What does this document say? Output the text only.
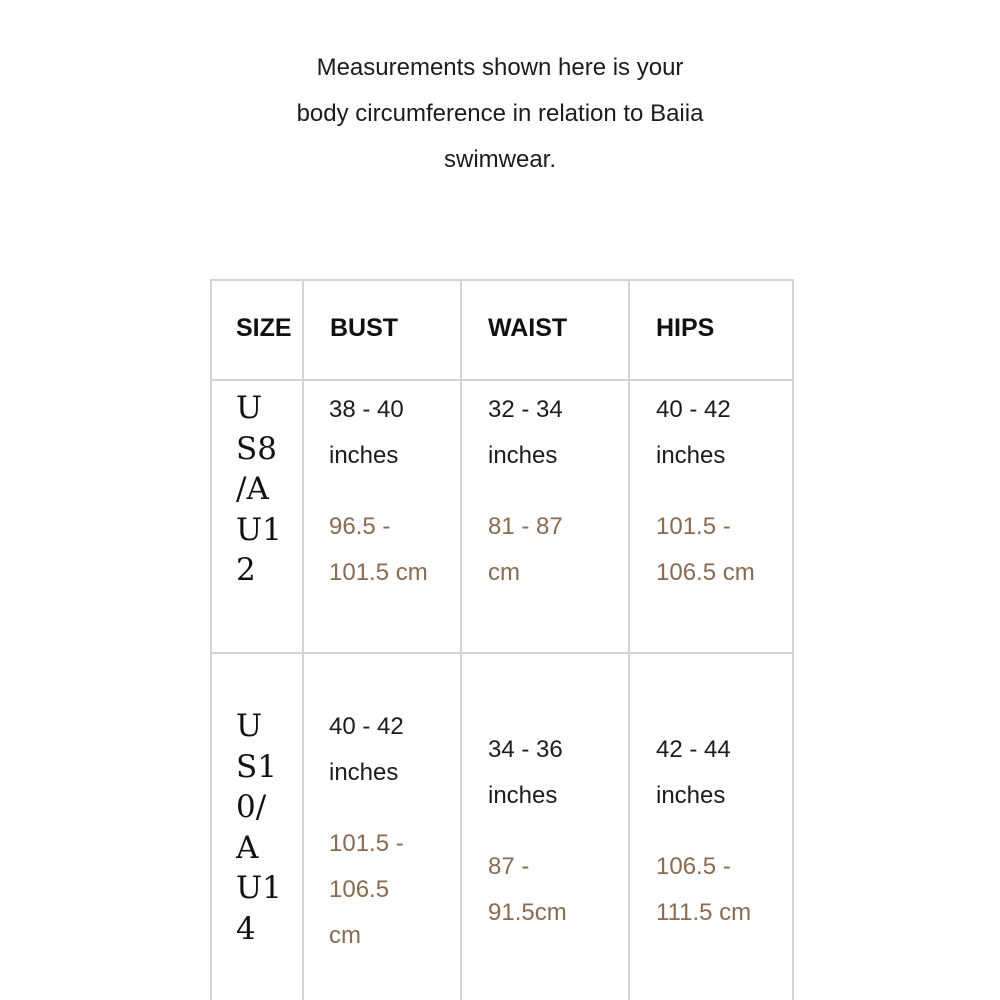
Measurements shown here is your

body circumference in relation to Baiia

swimwear.

SIZE BUST	WAIST	HIPS
U
S8
/A
U1
2

38 - 40

inches

96.5 -

101.5 cm

32 - 34

inches

81 - 87

cm

40 - 42

inches

101.5 -

106.5 cm

U
S1
0/
A
U1
4

40 - 42

inches

101.5 -

106.5

cm

34 - 36

inches

87 -

91.5cm

42 - 44

inches

106.5 -

111.5 cm
